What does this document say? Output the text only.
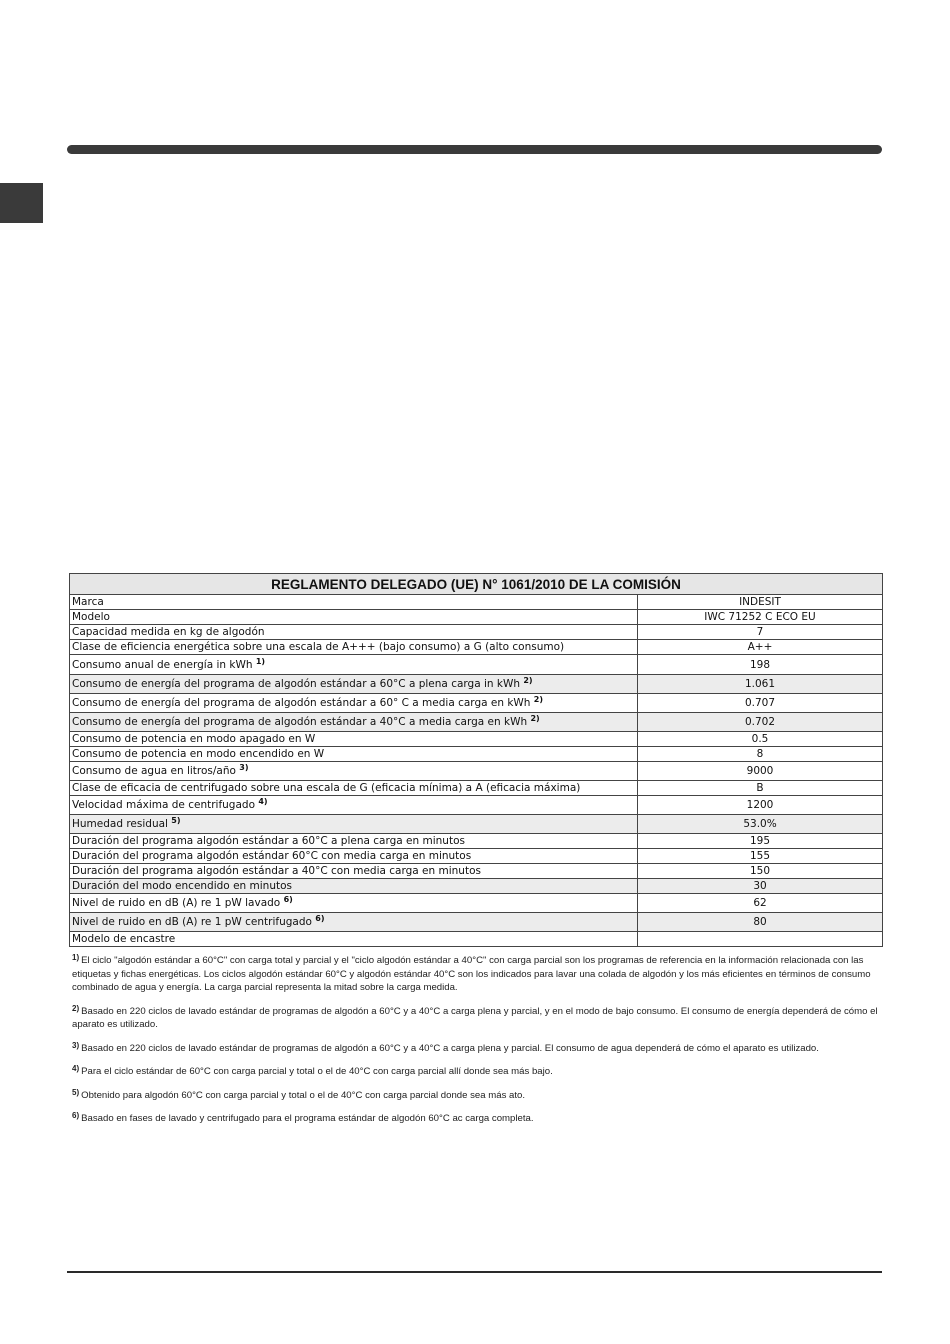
REGLAMENTO DELEGADO (UE) N° 1061/2010 DE LA COMISIÓN	
Marca	INDESIT
Modelo	IWC 71252 C ECO EU
Capacidad medida en kg de algodón	7
Clase de eficiencia energética sobre una escala de A+++ (bajo consumo) a G (alto consumo)	A++
Consumo anual de energía in kWh $^{1)}$	198
Consumo de energía del programa de algodón estándar a 60°C a plena carga in kWh $^{2)}$	1.061
Consumo de energía del programa de algodón estándar a 60° C a media carga en kWh $^{2)}$	0.707
Consumo de energía del programa de algodón estándar a 40°C a media carga en kWh $^{2)}$	0.702
Consumo de potencia en modo apagado en W	0.5
Consumo de potencia en modo encendido en W	8
Consumo de agua en litros/año $^{3)}$	9000
Clase de eficacia de centrifugado sobre una escala de G (eficacia mínima) a A (eficacia máxima)	B
Velocidad máxima de centrifugado $^{4)}$	1200
Humedad residual $^{5)}$	53.0%
Duración del programa algodón estándar a 60°C a plena carga en minutos	195
Duración del programa algodón estándar 60°C con media carga en minutos	155
Duración del programa algodón estándar a 40°C con media carga en minutos	150
Duración del modo encendido en minutos	30
Nivel de ruido en dB (A) re 1 pW lavado $^{6)}$	62
Nivel de ruido en dB (A) re 1 pW centrifugado $^{6)}$	80
Modelo de encastre	
$^{1)}$ El ciclo "algodón estándar a 60°C" con carga total y parcial y el "ciclo algodón estándar a 40°C" con carga parcial son los programas de referencia en la información relacionada con las etiquetas y fichas energéticas. Los ciclos algodón estándar 60°C y algodón estándar 40°C son los indicados para lavar una colada de algodón y los más eficientes en términos de consumo combinado de agua y energía. La carga parcial representa la mitad sobre la carga medida.
$^{2)}$ Basado en 220 ciclos de lavado estándar de programas de algodón a 60°C y a 40°C a carga plena y parcial, y en el modo de bajo consumo. El consumo de energía dependerá de cómo el aparato es utilizado.
$^{3)}$ Basado en 220 ciclos de lavado estándar de programas de algodón a 60°C y a 40°C a carga plena y parcial. El consumo de agua dependerá de cómo el aparato es utilizado.
$^{4)}$ Para el ciclo estándar de 60°C con carga parcial y total o el de 40°C con carga parcial allí donde sea más bajo.
$^{5)}$ Obtenido para algodón 60°C con carga parcial y total o el de 40°C con carga parcial donde sea más ato.
$^{6)}$ Basado en fases de lavado y centrifugado para el programa estándar de algodón 60°C ac carga completa.
